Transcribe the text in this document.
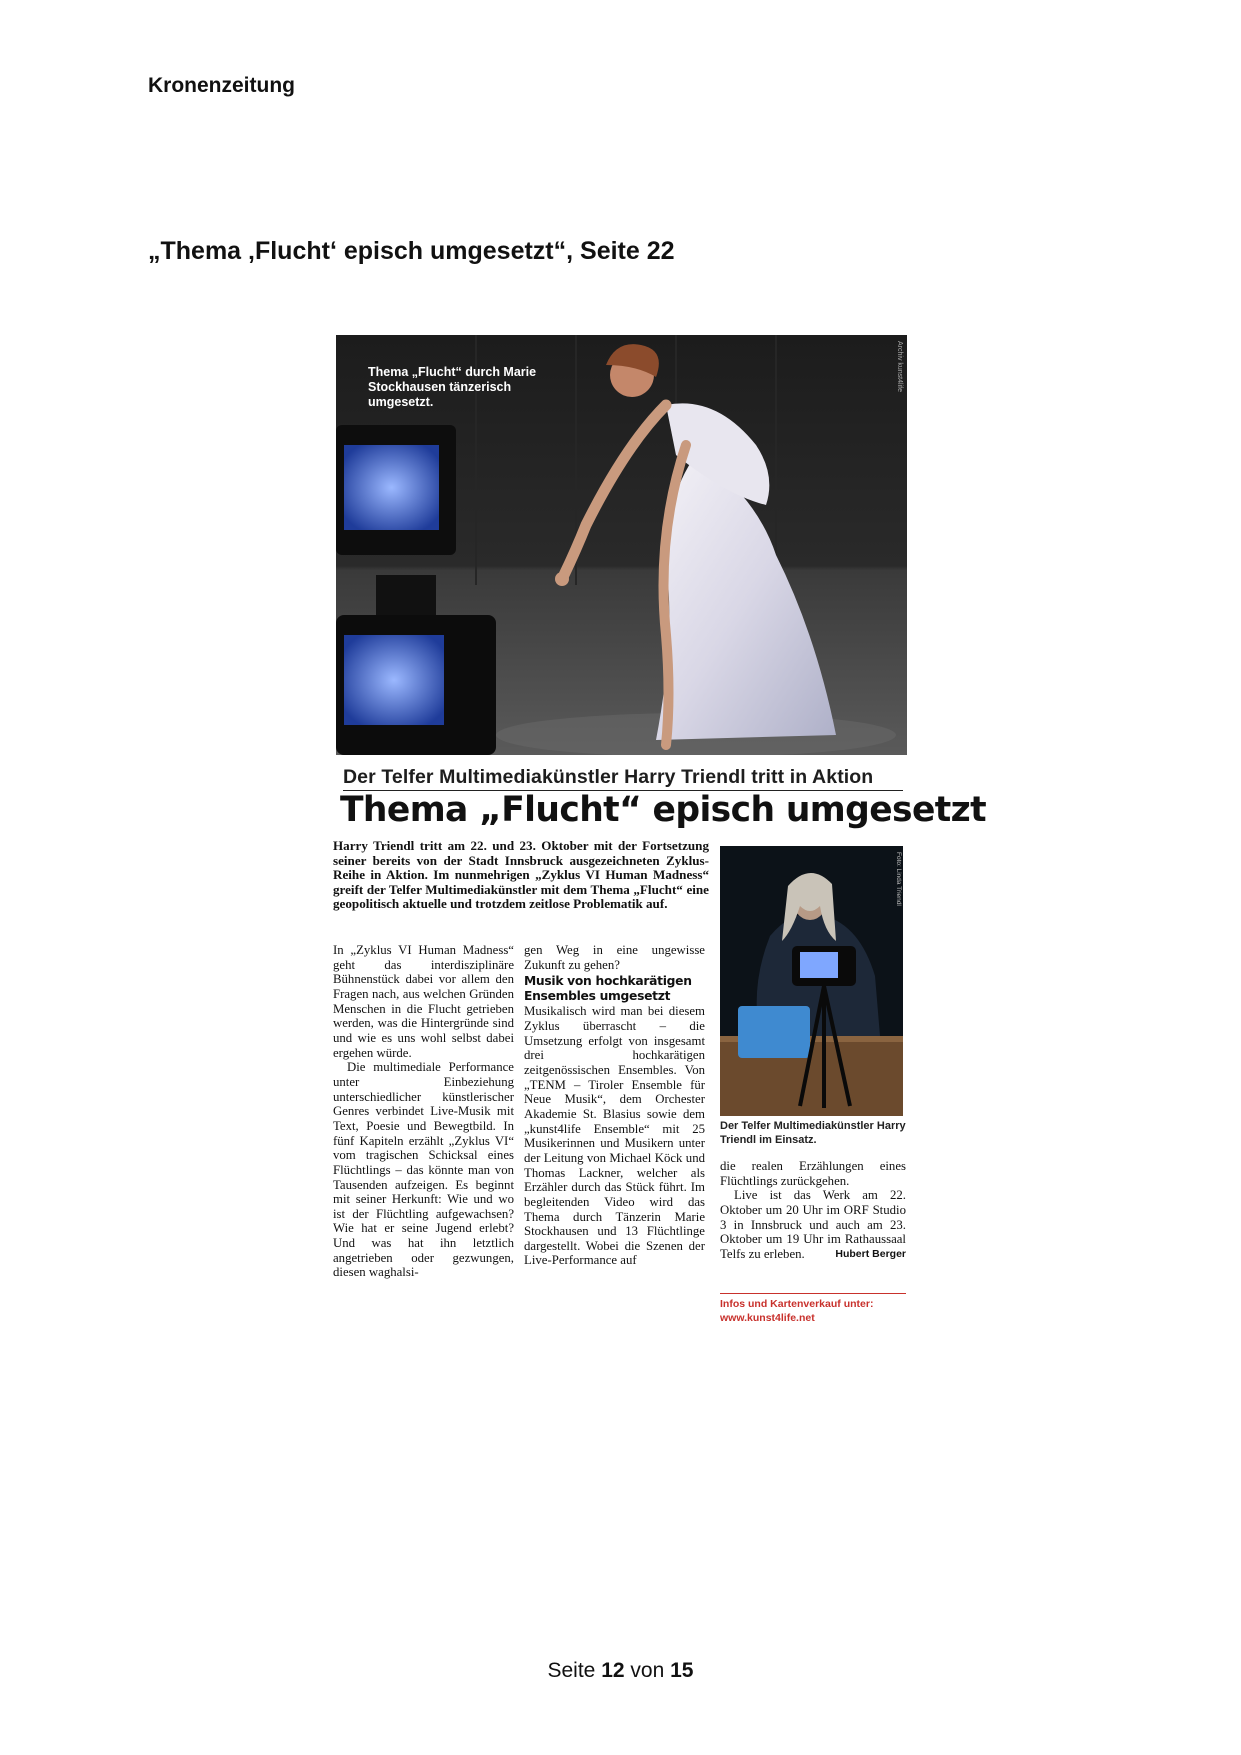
Kronenzeitung
„Thema ‚Flucht‘ episch umgesetzt“, Seite 22
Thema „Flucht“ durch Marie Stockhausen tänzerisch umgesetzt.
Archiv kunst4life
Der Telfer Multimediakünstler Harry Triendl tritt in Aktion
Thema „Flucht“ episch umgesetzt
Harry Triendl tritt am 22. und 23. Oktober mit der Fortsetzung seiner bereits von der Stadt Innsbruck ausgezeichneten Zyklus-Reihe in Aktion. Im nunmehrigen „Zyklus VI Human Madness“ greift der Telfer Multimediakünstler mit dem Thema „Flucht“ eine geopolitisch aktuelle und trotzdem zeitlose Problematik auf.

In „Zyklus VI Human Madness“ geht das interdisziplinäre Bühnenstück dabei vor allem den Fragen nach, aus welchen Gründen Menschen in die Flucht getrieben werden, was die Hintergründe sind und wie es uns wohl selbst dabei ergehen würde.

Die multimediale Performance unter Einbeziehung unterschiedlicher künstlerischer Genres verbindet Live-Musik mit Text, Poesie und Bewegtbild. In fünf Kapiteln erzählt „Zyklus VI“ vom tragischen Schicksal eines Flüchtlings – das könnte man von Tausenden aufzeigen. Es beginnt mit seiner Herkunft: Wie und wo ist der Flüchtling aufgewachsen? Wie hat er seine Jugend erlebt? Und was hat ihn letztlich angetrieben oder gezwungen, diesen waghalsi-

gen Weg in eine ungewisse Zukunft zu gehen?

Musik von hochkarätigen Ensembles umgesetzt

Musikalisch wird man bei diesem Zyklus überrascht – die Umsetzung erfolgt von insgesamt drei hochkarätigen zeitgenössischen Ensembles. Von „TENM – Tiroler Ensemble für Neue Musik“, dem Orchester Akademie St. Blasius sowie dem „kunst4life Ensemble“ mit 25 Musikerinnen und Musikern unter der Leitung von Michael Köck und Thomas Lackner, welcher als Erzähler durch das Stück führt. Im begleitenden Video wird das Thema durch Tänzerin Marie Stockhausen und 13 Flüchtlinge dargestellt. Wobei die Szenen der Live-Performance auf

Foto: Linda Triendl
Der Telfer Multimediakünstler Harry Triendl im Einsatz.

die realen Erzählungen eines Flüchtlings zurückgehen.

Live ist das Werk am 22. Oktober um 20 Uhr im ORF Studio 3 in Innsbruck und auch am 23. Oktober um 19 Uhr im Rathaussaal Telfs zu erleben.	Hubert Berger

Infos und Kartenverkauf unter:
www.kunst4life.net
Seite 12 von 15
